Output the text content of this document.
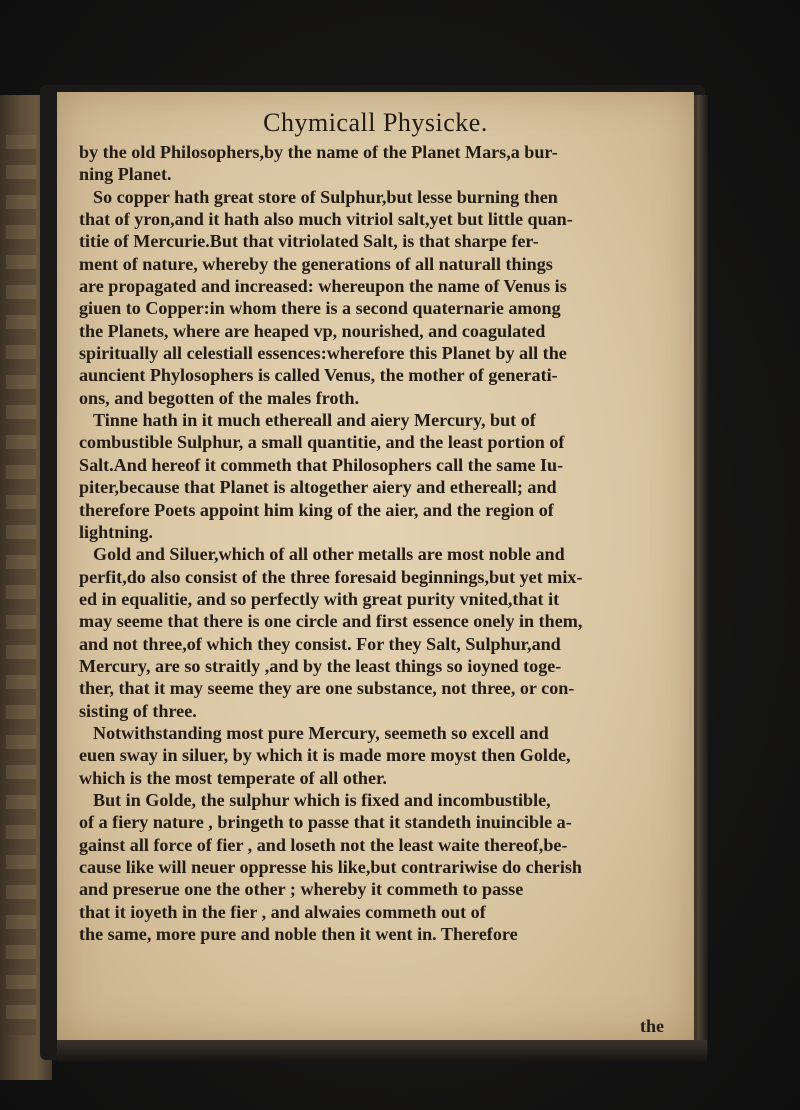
Chymicall Physicke.
by the old Philosophers,by the name of the Planet Mars,a bur-
ning Planet.
So copper hath great store of Sulphur,but lesse burning then
that of yron,and it hath also much vitriol salt,yet but little quan-
titie of Mercurie.But that vitriolated Salt, is that sharpe fer-
ment of nature, whereby the generations of all naturall things
are propagated and increased: whereupon the name of Venus is
giuen to Copper:in whom there is a second quaternarie among
the Planets, where are heaped vp, nourished, and coagulated
spiritually all celestiall essences:wherefore this Planet by all the
auncient Phylosophers is called Venus, the mother of generati-
ons, and begotten of the males froth.
Tinne hath in it much ethereall and aiery Mercury, but of
combustible Sulphur, a small quantitie, and the least portion of
Salt.And hereof it commeth that Philosophers call the same Iu-
piter,because that Planet is altogether aiery and ethereall; and
therefore Poets appoint him king of the aier, and the region of
lightning.
Gold and Siluer,which of all other metalls are most noble and
perfit,do also consist of the three foresaid beginnings,but yet mix-
ed in equalitie, and so perfectly with great purity vnited,that it
may seeme that there is one circle and first essence onely in them,
and not three,of which they consist. For they Salt, Sulphur,and
Mercury, are so straitly ,and by the least things so ioyned toge-
ther, that it may seeme they are one substance, not three, or con-
sisting of three.
Notwithstanding most pure Mercury, seemeth so excell and
euen sway in siluer, by which it is made more moyst then Golde,
which is the most temperate of all other.
But in Golde, the sulphur which is fixed and incombustible,
of a fiery nature , bringeth to passe that it standeth inuincible a-
gainst all force of fier , and loseth not the least waite thereof,be-
cause like will neuer oppresse his like,but contrariwise do cherish
and preserue one the other ; whereby it commeth to passe
that it ioyeth in the fier , and alwaies commeth out of
the same, more pure and noble then it went in. Therefore
the
